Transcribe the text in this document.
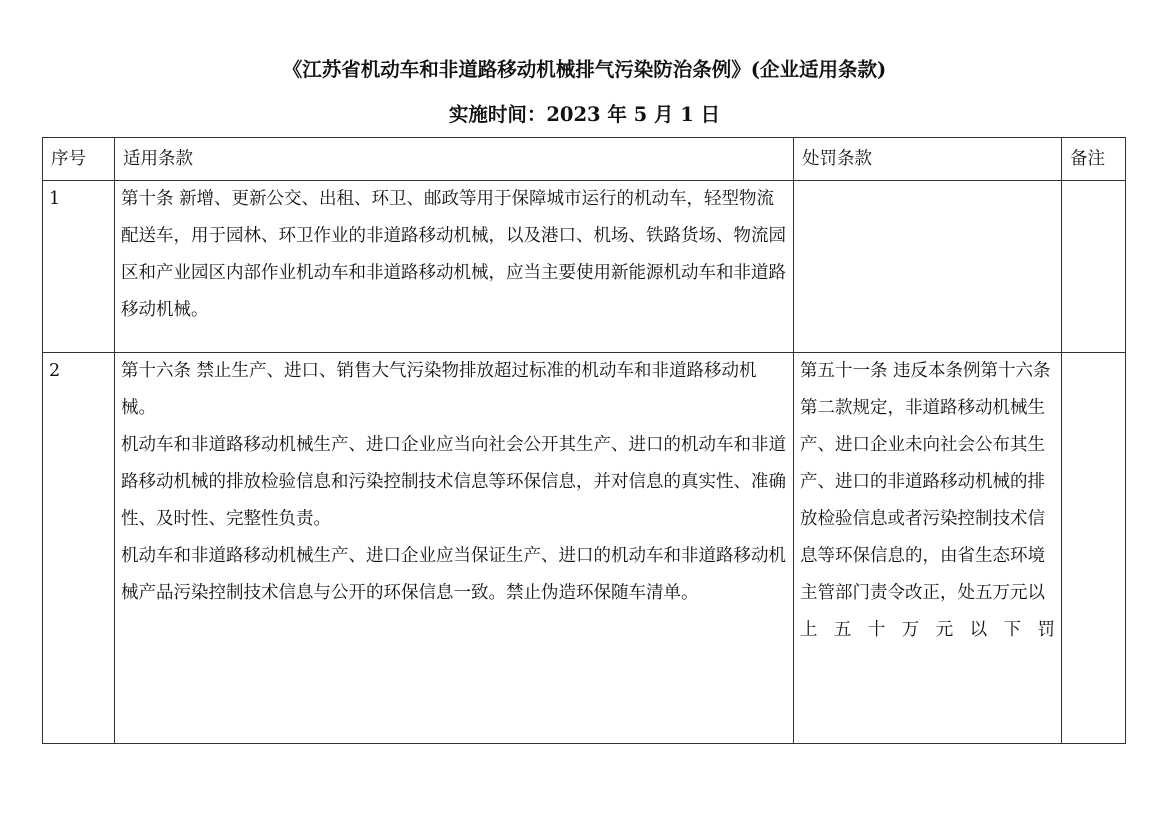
《江苏省机动车和非道路移动机械排气污染防治条例》(企业适用条款)
实施时间：2023 年 5 月 1 日
序号	适用条款	处罚条款	备注
1	第十条 新增、更新公交、出租、环卫、邮政等用于保障城市运行的机动车，轻型物流配送车，用于园林、环卫作业的非道路移动机械，以及港口、机场、铁路货场、物流园区和产业园区内部作业机动车和非道路移动机械，应当主要使用新能源机动车和非道路移动机械。		

2	第十六条 禁止生产、进口、销售大气污染物排放超过标准的机动车和非道路移动机械。
机动车和非道路移动机械生产、进口企业应当向社会公开其生产、进口的机动车和非道路移动机械的排放检验信息和污染控制技术信息等环保信息，并对信息的真实性、准确性、及时性、完整性负责。
机动车和非道路移动机械生产、进口企业应当保证生产、进口的机动车和非道路移动机械产品污染控制技术信息与公开的环保信息一致。禁止伪造环保随车清单。	第五十一条 违反本条例第十六条第二款规定，非道路移动机械生产、进口企业未向社会公布其生产、进口的非道路移动机械的排放检验信息或者污染控制技术信息等环保信息的，由省生态环境主管部门责令改正，处五万元以上五十万元以下罚	
